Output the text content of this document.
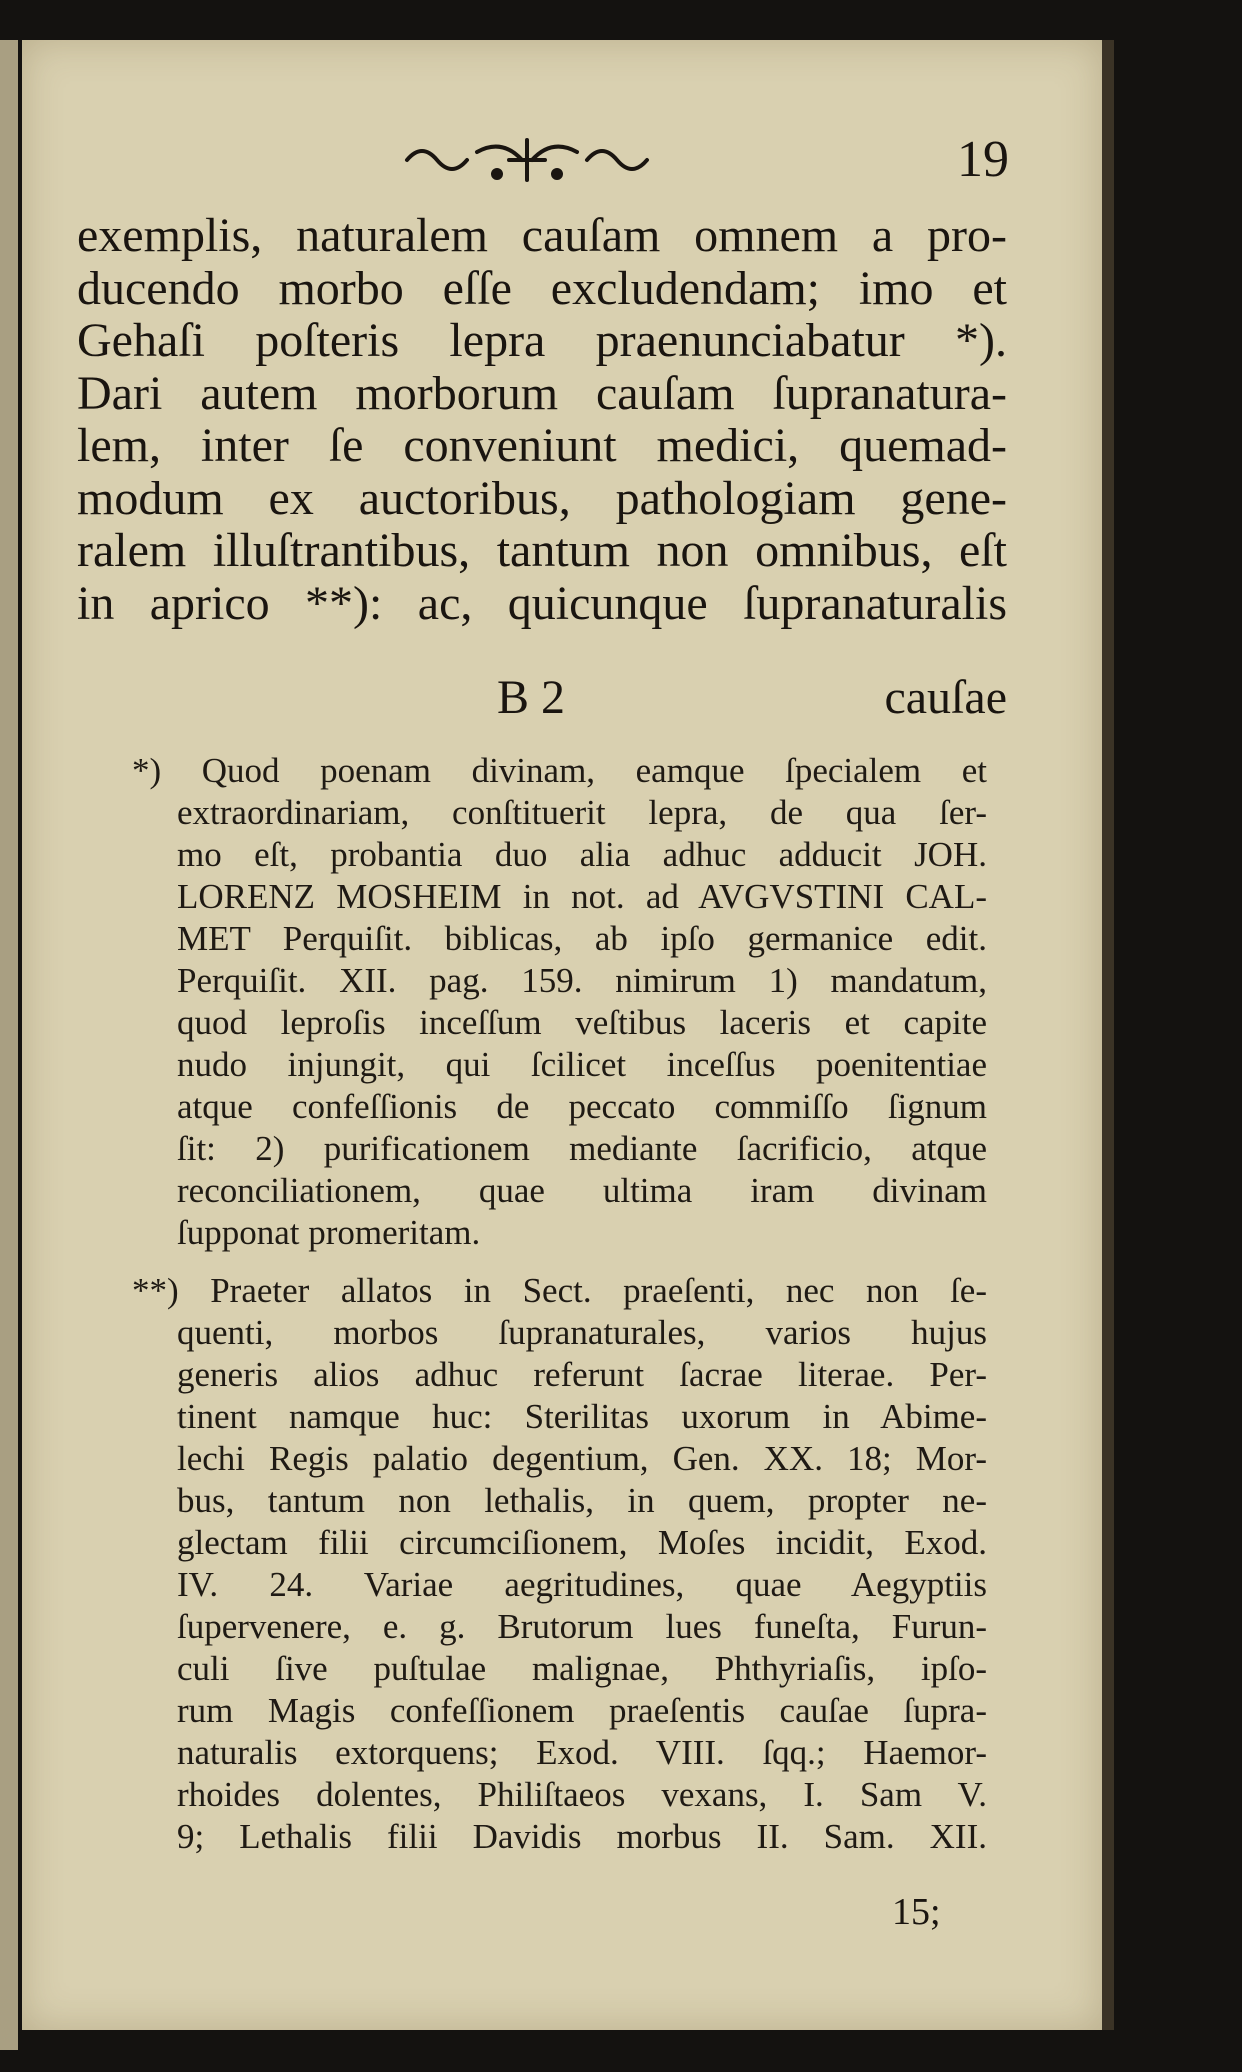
19
exemplis, naturalem cauſam omnem a pro-
ducendo morbo eſſe excludendam; imo et
Gehaſi poſteris lepra praenunciabatur *).
Dari autem morborum cauſam ſupranatura-
lem, inter ſe conveniunt medici, quemad-
modum ex auctoribus, pathologiam gene-
ralem illuſtrantibus, tantum non omnibus, eſt
in aprico **): ac, quicunque ſupranaturalis
B 2	cauſae
*) Quod poenam divinam, eamque ſpecialem et
extraordinariam, conſtituerit lepra, de qua ſer-
mo eſt, probantia duo alia adhuc adducit JOH.
LORENZ MOSHEIM in not. ad AVGVSTINI CAL-
MET Perquiſit. biblicas, ab ipſo germanice edit.
Perquiſit. XII. pag. 159. nimirum 1) mandatum,
quod leproſis inceſſum veſtibus laceris et capite
nudo injungit, qui ſcilicet inceſſus poenitentiae
atque confeſſionis de peccato commiſſo ſignum
ſit: 2) purificationem mediante ſacrificio, atque
reconciliationem, quae ultima iram divinam
ſupponat promeritam.
**) Praeter allatos in Sect. praeſenti, nec non ſe-
quenti, morbos ſupranaturales, varios hujus
generis alios adhuc referunt ſacrae literae. Per-
tinent namque huc: Sterilitas uxorum in Abime-
lechi Regis palatio degentium, Gen. XX. 18; Mor-
bus, tantum non lethalis, in quem, propter ne-
glectam filii circumciſionem, Moſes incidit, Exod.
IV. 24. Variae aegritudines, quae Aegyptiis
ſupervenere, e. g. Brutorum lues funeſta, Furun-
culi ſive puſtulae malignae, Phthyriaſis, ipſo-
rum Magis confeſſionem praeſentis cauſae ſupra-
naturalis extorquens; Exod. VIII. ſqq.; Haemor-
rhoides dolentes, Philiſtaeos vexans, I. Sam V.
9; Lethalis filii Davidis morbus II. Sam. XII.
15;
